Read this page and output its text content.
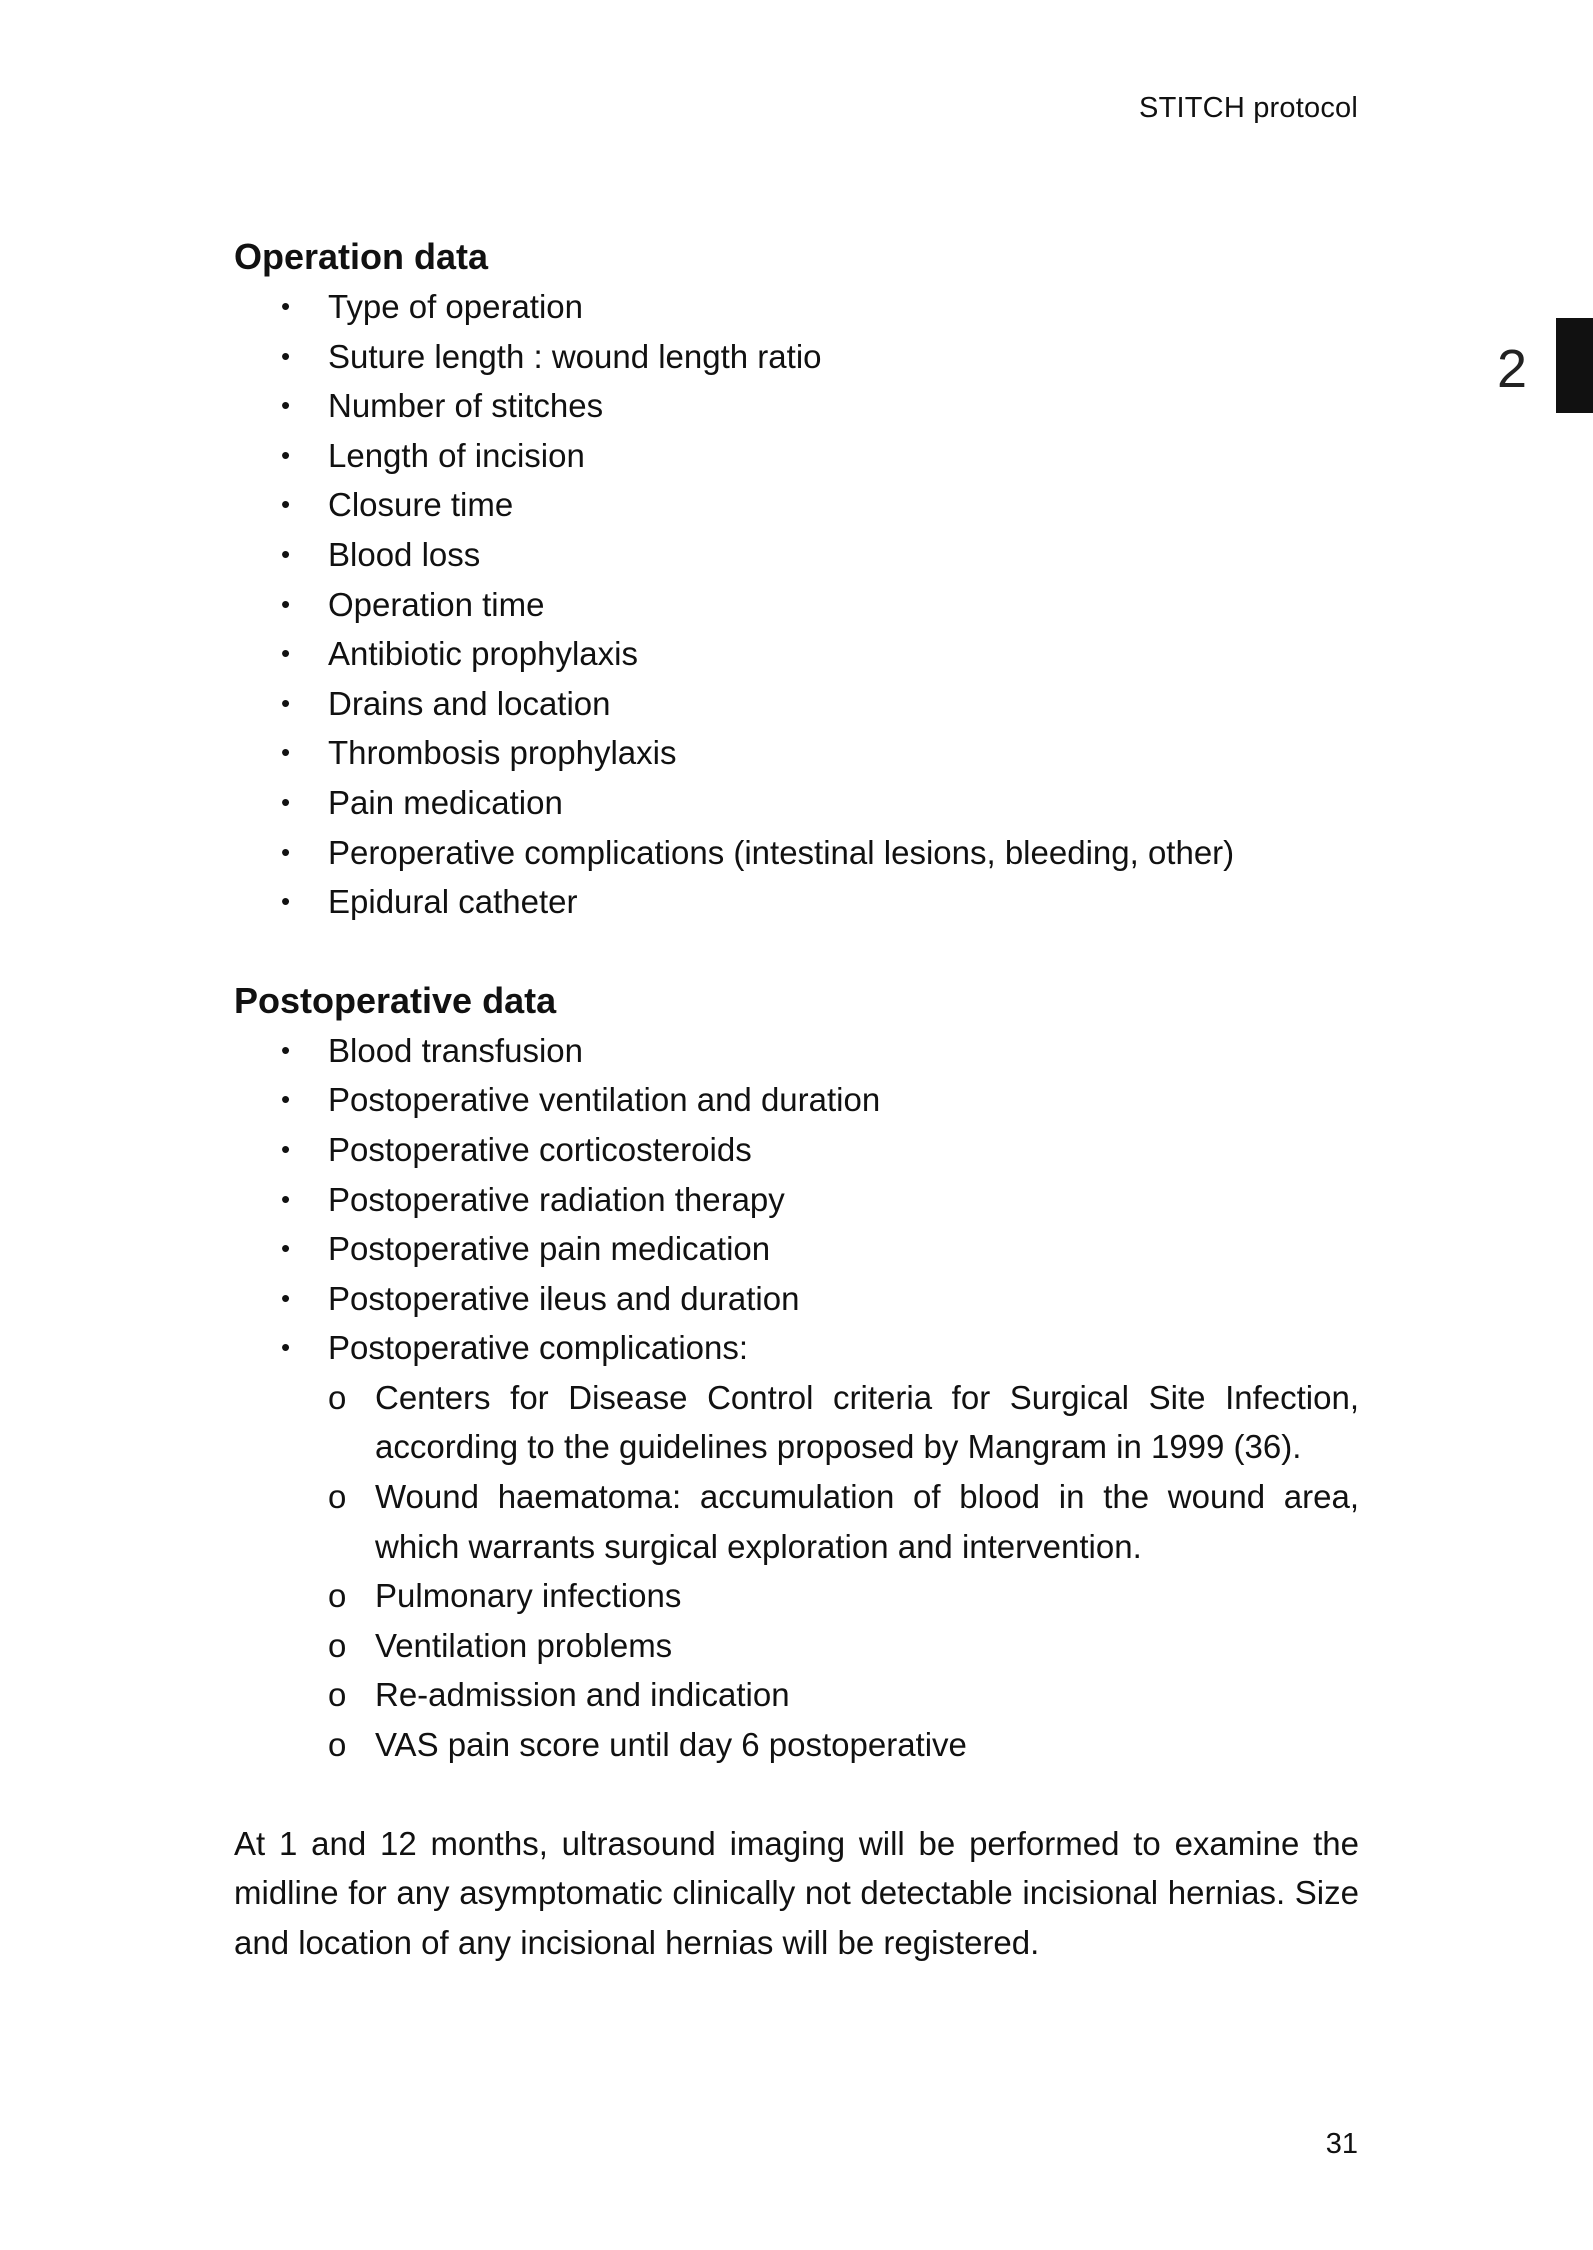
STITCH protocol
2
Operation data
• Type of operation
• Suture length : wound length ratio
• Number of stitches
• Length of incision
• Closure time
• Blood loss
• Operation time
• Antibiotic prophylaxis
• Drains and location
• Thrombosis prophylaxis
• Pain medication
• Peroperative complications (intestinal lesions, bleeding, other)
• Epidural catheter
Postoperative data
• Blood transfusion
• Postoperative ventilation and duration
• Postoperative corticosteroids
• Postoperative radiation therapy
• Postoperative pain medication
• Postoperative ileus and duration
• Postoperative complications:
o Centers for Disease Control criteria for Surgical Site Infection, according to the guidelines proposed by Mangram in 1999 (36).
o Wound haematoma: accumulation of blood in the wound area, which warrants surgical exploration and intervention.
o Pulmonary infections
o Ventilation problems
o Re-admission and indication
o VAS pain score until day 6 postoperative

At 1 and 12 months, ultrasound imaging will be performed to examine the midline for any asymptomatic clinically not detectable incisional hernias. Size and location of any incisional hernias will be registered.

31
